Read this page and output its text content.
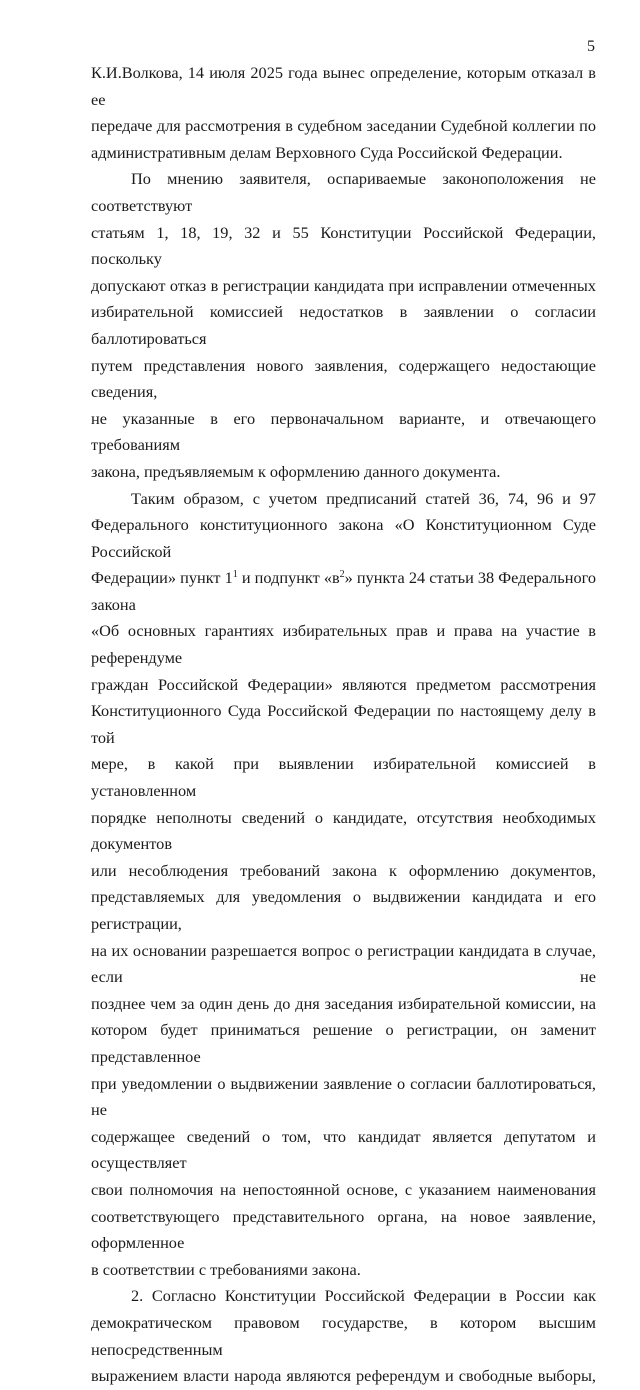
5

К.И.Волкова, 14 июля 2025 года вынес определение, которым отказал в ее
передаче для рассмотрения в судебном заседании Судебной коллегии по
административным делам Верховного Суда Российской Федерации.

По мнению заявителя, оспариваемые законоположения не соответствуют
статьям 1, 18, 19, 32 и 55 Конституции Российской Федерации, поскольку
допускают отказ в регистрации кандидата при исправлении отмеченных
избирательной комиссией недостатков в заявлении о согласии баллотироваться
путем представления нового заявления, содержащего недостающие сведения,
не указанные в его первоначальном варианте, и отвечающего требованиям
закона, предъявляемым к оформлению данного документа.

Таким образом, с учетом предписаний статей 36, 74, 96 и 97
Федерального конституционного закона «О Конституционном Суде Российской
Федерации» пункт $1^1$ и подпункт «$в^2$» пункта 24 статьи 38 Федерального закона
«Об основных гарантиях избирательных прав и права на участие в референдуме
граждан Российской Федерации» являются предметом рассмотрения
Конституционного Суда Российской Федерации по настоящему делу в той
мере, в какой при выявлении избирательной комиссией в установленном
порядке неполноты сведений о кандидате, отсутствия необходимых документов
или несоблюдения требований закона к оформлению документов,
представляемых для уведомления о выдвижении кандидата и его регистрации,
на их основании разрешается вопрос о регистрации кандидата в случае, если не
позднее чем за один день до дня заседания избирательной комиссии, на
котором будет приниматься решение о регистрации, он заменит представленное
при уведомлении о выдвижении заявление о согласии баллотироваться, не
содержащее сведений о том, что кандидат является депутатом и осуществляет
свои полномочия на непостоянной основе, с указанием наименования
соответствующего представительного органа, на новое заявление, оформленное
в соответствии с требованиями закона.

2. Согласно Конституции Российской Федерации в России как
демократическом правовом государстве, в котором высшим непосредственным
выражением власти народа являются референдум и свободные выборы,
